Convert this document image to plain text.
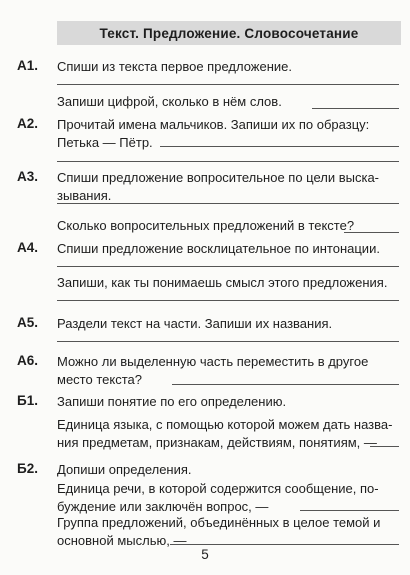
Текст. Предложение. Словосочетание
A1. Спиши из текста первое предложение.
Запиши цифрой, сколько в нём слов.
A2. Прочитай имена мальчиков. Запиши их по образцу:
Петька — Пётр.
A3. Спиши предложение вопросительное по цели выска-
зывания.
Сколько вопросительных предложений в тексте?
A4. Спиши предложение восклицательное по интонации.
Запиши, как ты понимаешь смысл этого предложения.
A5. Раздели текст на части. Запиши их названия.
A6. Можно ли выделенную часть переместить в другое
место текста?
Б1. Запиши понятие по его определению.
Единица языка, с помощью которой можем дать назва-
ния предметам, признакам, действиям, понятиям, —
Б2. Допиши определения.
Единица речи, в которой содержится сообщение, по-
буждение или заключён вопрос, —
Группа предложений, объединённых в целое темой и
основной мыслью, —
5
